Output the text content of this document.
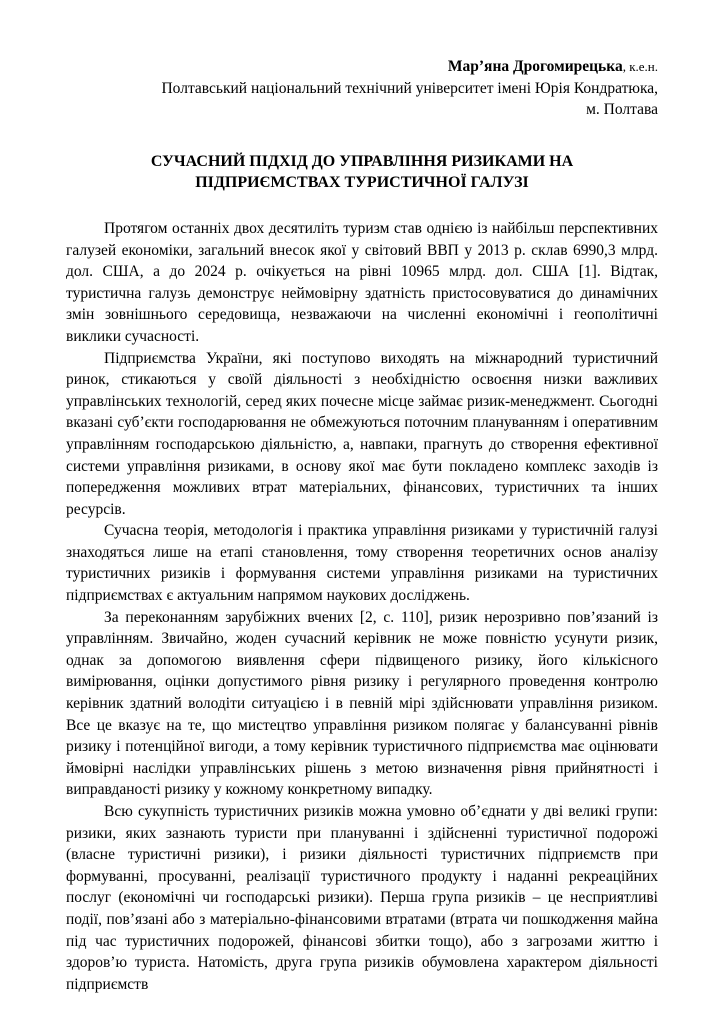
Мар’яна Дрогомирецька, к.е.н.
Полтавський національний технічний університет імені Юрія Кондратюка,
м. Полтава
СУЧАСНИЙ ПІДХІД ДО УПРАВЛІННЯ РИЗИКАМИ НА ПІДПРИЄМСТВАХ ТУРИСТИЧНОЇ ГАЛУЗІ

Протягом останніх двох десятиліть туризм став однією із найбільш перспективних галузей економіки, загальний внесок якої у світовий ВВП у 2013 р. склав 6990,3 млрд. дол. США, а до 2024 р. очікується на рівні 10965 млрд. дол. США [1]. Відтак, туристична галузь демонструє неймовірну здатність пристосовуватися до динамічних змін зовнішнього середовища, незважаючи на численні економічні і геополітичні виклики сучасності.

Підприємства України, які поступово виходять на міжнародний туристичний ринок, стикаються у своїй діяльності з необхідністю освоєння низки важливих управлінських технологій, серед яких почесне місце займає ризик-менеджмент. Сьогодні вказані суб’єкти господарювання не обмежуються поточним плануванням і оперативним управлінням господарською діяльністю, а, навпаки, прагнуть до створення ефективної системи управління ризиками, в основу якої має бути покладено комплекс заходів із попередження можливих втрат матеріальних, фінансових, туристичних та інших ресурсів.

Сучасна теорія, методологія і практика управління ризиками у туристичній галузі знаходяться лише на етапі становлення, тому створення теоретичних основ аналізу туристичних ризиків і формування системи управління ризиками на туристичних підприємствах є актуальним напрямом наукових досліджень.

За переконанням зарубіжних вчених [2, с. 110], ризик нерозривно пов’язаний із управлінням. Звичайно, жоден сучасний керівник не може повністю усунути ризик, однак за допомогою виявлення сфери підвищеного ризику, його кількісного вимірювання, оцінки допустимого рівня ризику і регулярного проведення контролю керівник здатний володіти ситуацією і в певній мірі здійснювати управління ризиком. Все це вказує на те, що мистецтво управління ризиком полягає у балансуванні рівнів ризику і потенційної вигоди, а тому керівник туристичного підприємства має оцінювати ймовірні наслідки управлінських рішень з метою визначення рівня прийнятності і виправданості ризику у кожному конкретному випадку.

Всю сукупність туристичних ризиків можна умовно об’єднати у дві великі групи: ризики, яких зазнають туристи при плануванні і здійсненні туристичної подорожі (власне туристичні ризики), і ризики діяльності туристичних підприємств при формуванні, просуванні, реалізації туристичного продукту і наданні рекреаційних послуг (економічні чи господарські ризики). Перша група ризиків – це несприятливі події, пов’язані або з матеріально-фінансовими втратами (втрата чи пошкодження майна під час туристичних подорожей, фінансові збитки тощо), або з загрозами життю і здоров’ю туриста. Натомість, друга група ризиків обумовлена характером діяльності підприємств
